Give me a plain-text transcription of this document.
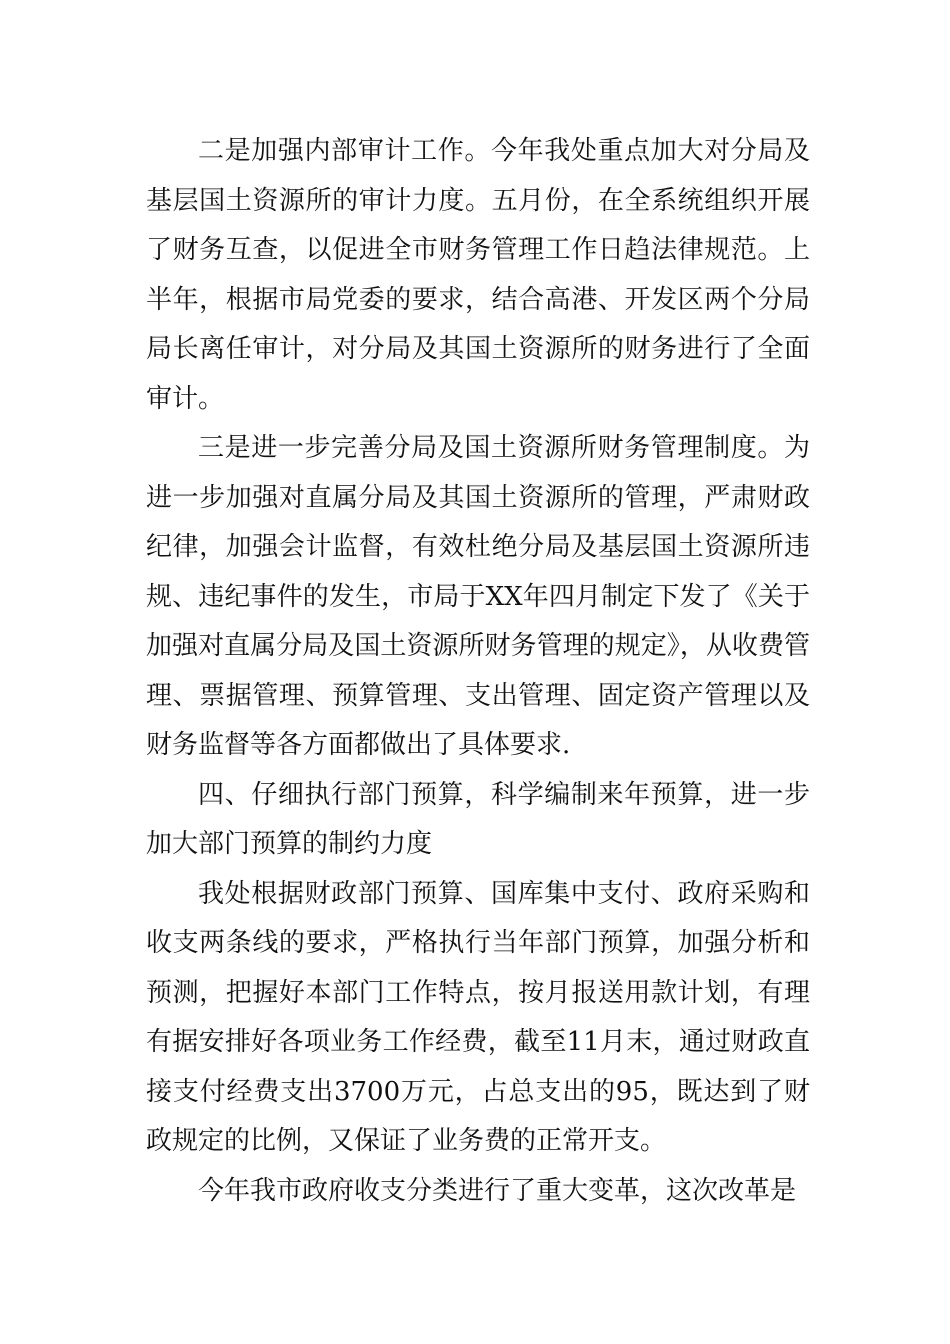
二是加强内部审计工作。今年我处重点加大对分局及基层国土资源所的审计力度。五月份，在全系统组织开展了财务互查，以促进全市财务管理工作日趋法律规范。上半年，根据市局党委的要求，结合高港、开发区两个分局局长离任审计，对分局及其国土资源所的财务进行了全面审计。

三是进一步完善分局及国土资源所财务管理制度。为进一步加强对直属分局及其国土资源所的管理，严肃财政纪律，加强会计监督，有效杜绝分局及基层国土资源所违规、违纪事件的发生，市局于XX年四月制定下发了《关于加强对直属分局及国土资源所财务管理的规定》，从收费管理、票据管理、预算管理、支出管理、固定资产管理以及财务监督等各方面都做出了具体要求.

四、仔细执行部门预算，科学编制来年预算，进一步加大部门预算的制约力度

我处根据财政部门预算、国库集中支付、政府采购和收支两条线的要求，严格执行当年部门预算，加强分析和预测，把握好本部门工作特点，按月报送用款计划，有理有据安排好各项业务工作经费，截至11月末，通过财政直接支付经费支出3700万元，占总支出的95，既达到了财政规定的比例，又保证了业务费的正常开支。

今年我市政府收支分类进行了重大变革，这次改革是
